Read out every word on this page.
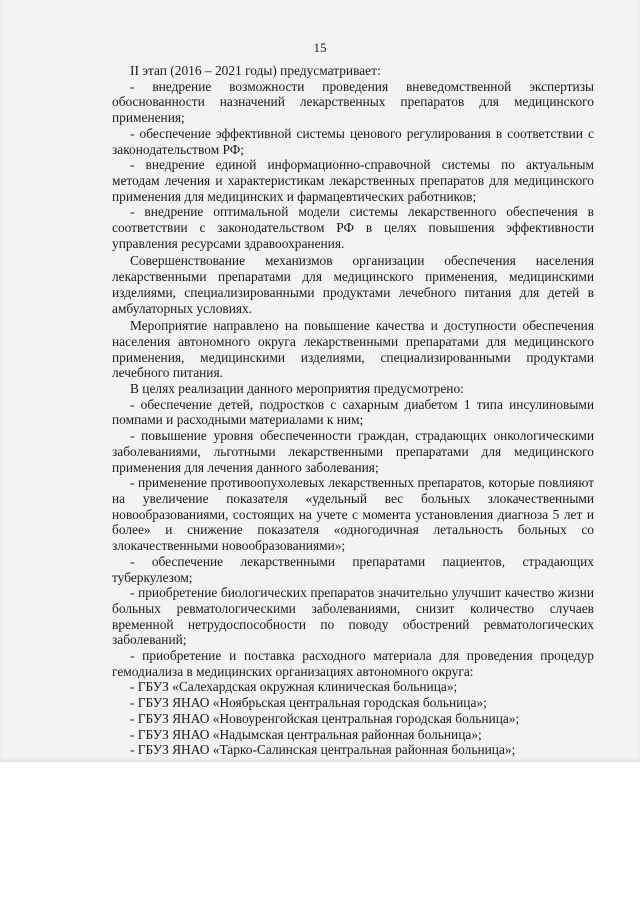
15

II этап (2016 – 2021 годы) предусматривает:

- внедрение возможности проведения вневедомственной экспертизы обоснованности назначений лекарственных препаратов для медицинского применения;

- обеспечение эффективной системы ценового регулирования в соответствии с законодательством РФ;

- внедрение единой информационно-справочной системы по актуальным методам лечения и характеристикам лекарственных препаратов для медицинского применения для медицинских и фармацевтических работников;

- внедрение оптимальной модели системы лекарственного обеспечения в соответствии с законодательством РФ в целях повышения эффективности управления ресурсами здравоохранения.

Совершенствование механизмов организации обеспечения населения лекарственными препаратами для медицинского применения, медицинскими изделиями, специализированными продуктами лечебного питания для детей в амбулаторных условиях.

Мероприятие направлено на повышение качества и доступности обеспечения населения автономного округа лекарственными препаратами для медицинского применения, медицинскими изделиями, специализированными продуктами лечебного питания.

В целях реализации данного мероприятия предусмотрено:

- обеспечение детей, подростков с сахарным диабетом 1 типа инсулиновыми помпами и расходными материалами к ним;

- повышение уровня обеспеченности граждан, страдающих онкологическими заболеваниями, льготными лекарственными препаратами для медицинского применения для лечения данного заболевания;

- применение противоопухолевых лекарственных препаратов, которые повлияют на увеличение показателя «удельный вес больных злокачественными новообразованиями, состоящих на учете с момента установления диагноза 5 лет и более» и снижение показателя «одногодичная летальность больных со злокачественными новообразованиями»;

- обеспечение лекарственными препаратами пациентов, страдающих туберкулезом;

- приобретение биологических препаратов значительно улучшит качество жизни больных ревматологическими заболеваниями, снизит количество случаев временной нетрудоспособности по поводу обострений ревматологических заболеваний;

- приобретение и поставка расходного материала для проведения процедур гемодиализа в медицинских организациях автономного округа:

- ГБУЗ «Салехардская окружная клиническая больница»;

- ГБУЗ ЯНАО «Ноябрьская центральная городская больница»;

- ГБУЗ ЯНАО «Новоуренгойская центральная городская больница»;

- ГБУЗ ЯНАО «Надымская центральная районная больница»;

- ГБУЗ ЯНАО «Тарко-Салинская центральная районная больница»;
